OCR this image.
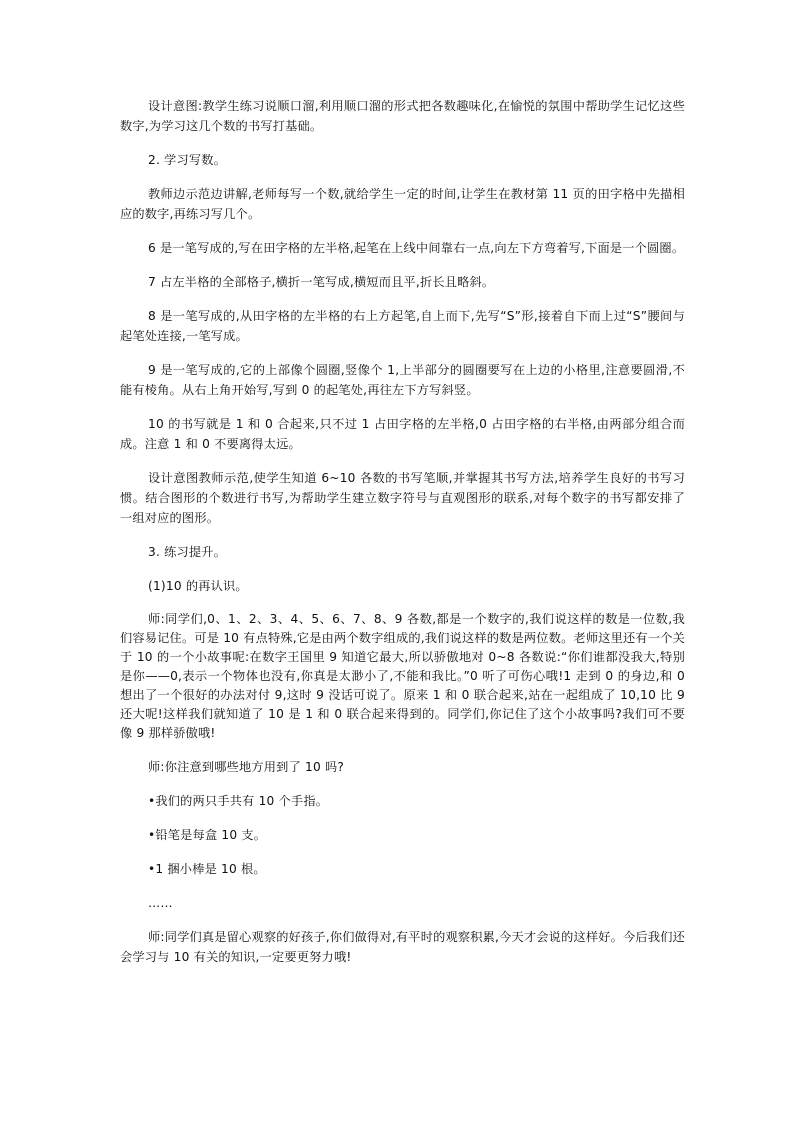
设计意图:教学生练习说顺口溜,利用顺口溜的形式把各数趣味化,在愉悦的氛围中帮助学生记忆这些数字,为学习这几个数的书写打基础。

2. 学习写数。

教师边示范边讲解,老师每写一个数,就给学生一定的时间,让学生在教材第 11 页的田字格中先描相应的数字,再练习写几个。

6 是一笔写成的,写在田字格的左半格,起笔在上线中间靠右一点,向左下方弯着写,下面是一个圆圈。

7 占左半格的全部格子,横折一笔写成,横短而且平,折长且略斜。

8 是一笔写成的,从田字格的左半格的右上方起笔,自上而下,先写“S”形,接着自下而上过“S”腰间与起笔处连接,一笔写成。

9 是一笔写成的,它的上部像个圆圈,竖像个 1,上半部分的圆圈要写在上边的小格里,注意要圆滑,不能有棱角。从右上角开始写,写到 0 的起笔处,再往左下方写斜竖。

10 的书写就是 1 和 0 合起来,只不过 1 占田字格的左半格,0 占田字格的右半格,由两部分组合而成。注意 1 和 0 不要离得太远。

设计意图教师示范,使学生知道 6~10 各数的书写笔顺,并掌握其书写方法,培养学生良好的书写习惯。结合图形的个数进行书写,为帮助学生建立数字符号与直观图形的联系,对每个数字的书写都安排了一组对应的图形。

3. 练习提升。

(1)10 的再认识。

师:同学们,0、1、2、3、4、5、6、7、8、9 各数,都是一个数字的,我们说这样的数是一位数,我们容易记住。可是 10 有点特殊,它是由两个数字组成的,我们说这样的数是两位数。老师这里还有一个关于 10 的一个小故事呢:在数字王国里 9 知道它最大,所以骄傲地对 0~8 各数说:“你们谁都没我大,特别是你——0,表示一个物体也没有,你真是太渺小了,不能和我比。”0 听了可伤心哦!1 走到 0 的身边,和 0 想出了一个很好的办法对付 9,这时 9 没话可说了。原来 1 和 0 联合起来,站在一起组成了 10,10 比 9 还大呢!这样我们就知道了 10 是 1 和 0 联合起来得到的。同学们,你记住了这个小故事吗?我们可不要像 9 那样骄傲哦!

师:你注意到哪些地方用到了 10 吗?

•我们的两只手共有 10 个手指。

•铅笔是每盒 10 支。

•1 捆小棒是 10 根。

……

师:同学们真是留心观察的好孩子,你们做得对,有平时的观察积累,今天才会说的这样好。今后我们还会学习与 10 有关的知识,一定要更努力哦!
